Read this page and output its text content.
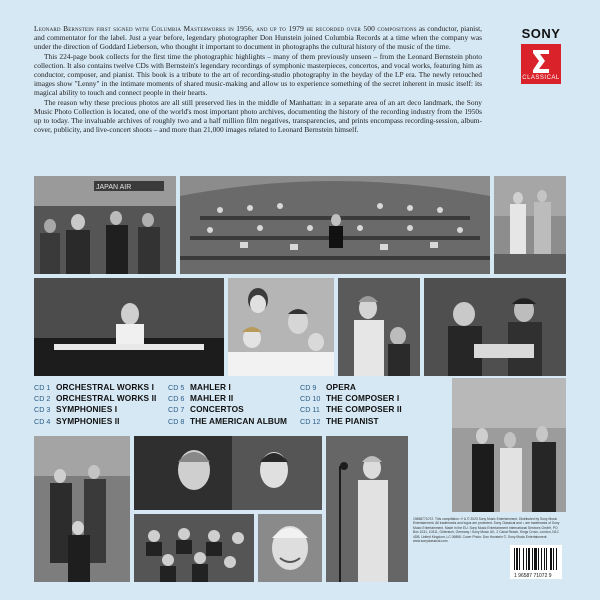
Leonard Bernstein first signed with Columbia Masterworks in 1956, and up to 1979 he recorded over 500 compositions as conductor, pianist, and commentator for the label. Just a year before, legendary photographer Don Hunstein joined Columbia Records at a time when the company was under the direction of Goddard Lieberson, who thought it important to document in photographs the cultural history of the music of the time.

This 224-page book collects for the first time the photographic highlights – many of them previously unseen – from the Leonard Bernstein photo collection. It also contains twelve CDs with Bernstein's legendary recordings of symphonic masterpieces, concertos, and vocal works, featuring him as conductor, composer, and pianist. This book is a tribute to the art of recording-studio photography in the heyday of the LP era. The newly retouched images show "Lenny" in the intimate moments of shared music-making and allow us to experience something of the secret inherent in music itself: its magical ability to touch and connect people in their hearts.

The reason why these precious photos are all still preserved lies in the middle of Manhattan: in a separate area of an art deco landmark, the Sony Music Photo Collection is located, one of the world's most important photo archives, documenting the history of the recording industry from the 1950s up to today. The invaluable archives of roughly two and a half million film negatives, transparencies, and prints encompass recording-session, album-cover, publicity, and live-concert shoots – and more than 21,000 images related to Leonard Bernstein himself.

SONY
CLASSICAL
JAPAN AIR
CD 1 ORCHESTRAL WORKS I
CD 2 ORCHESTRAL WORKS II
CD 3 SYMPHONIES I
CD 4 SYMPHONIES II
CD 5 MAHLER I
CD 6 MAHLER II
CD 7 CONCERTOS
CD 8 THE AMERICAN ALBUM
CD 9 OPERA
CD 10 THE COMPOSER I
CD 11 THE COMPOSER II
CD 12 THE PIANIST
19658771072. This compilation: ℗ & © 2023 Sony Music Entertainment. Distributed by Sony Music Entertainment. All trademarks and logos are protected. Sony Classical and ♪ are trademarks of Sony Music Entertainment. Made in the EU. Sony Music Entertainment International Services GmbH, PO Box 1031, 10311, Gütersloh, Germany / Sony Music UK, 2 Canal Reach, Kings Cross, London, N1C 4DB, United Kingdom, LC 06868. Cover Photo: Don Hunstein ©, Sony Music Entertainment. www.sonyclassical.com
1 96587 71072 9
